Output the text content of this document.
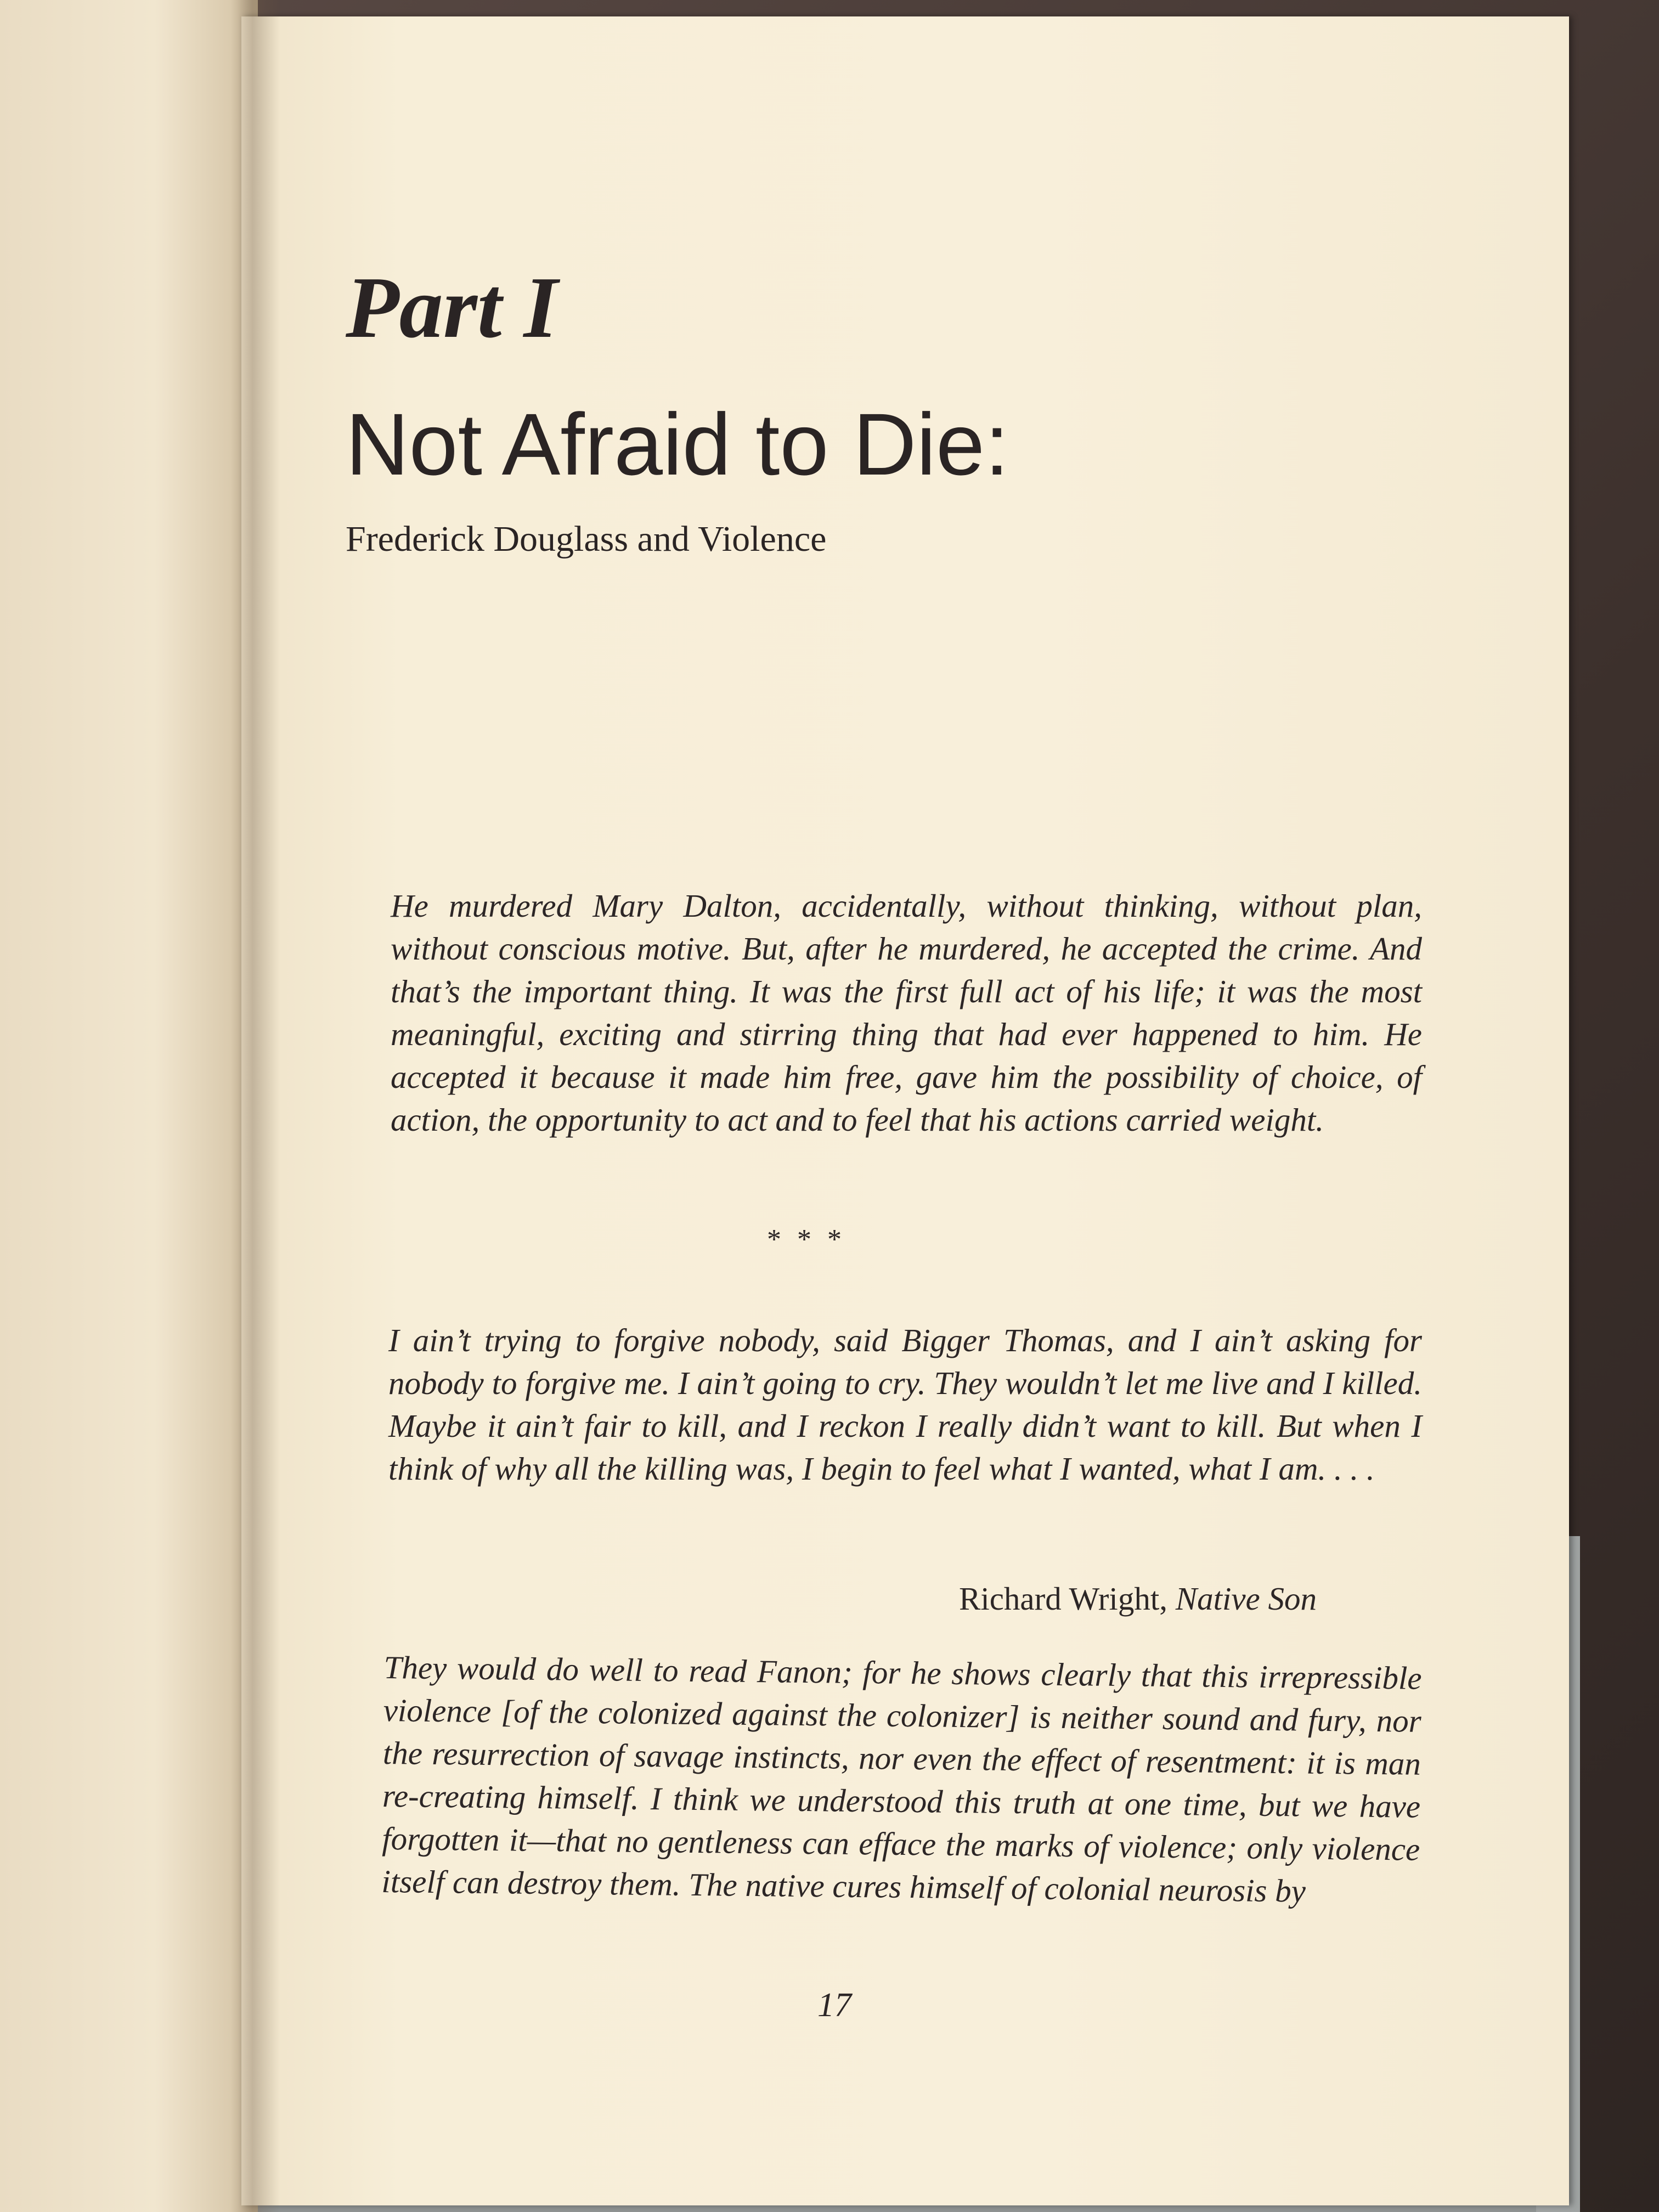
Part I
Not Afraid to Die:

Frederick Douglass and Violence

He murdered Mary Dalton, accidentally, without thinking, without plan, without conscious motive. But, after he murdered, he accepted the crime. And that’s the important thing. It was the first full act of his life; it was the most meaningful, exciting and stirring thing that had ever happened to him. He accepted it because it made him free, gave him the possibility of choice, of action, the opportunity to act and to feel that his actions carried weight.

* * *

I ain’t trying to forgive nobody, said Bigger Thomas, and I ain’t asking for nobody to forgive me. I ain’t going to cry. They wouldn’t let me live and I killed. Maybe it ain’t fair to kill, and I reckon I really didn’t want to kill. But when I think of why all the killing was, I begin to feel what I wanted, what I am. . . .

Richard Wright, Native Son

They would do well to read Fanon; for he shows clearly that this irrepressible violence [of the colonized against the colonizer] is neither sound and fury, nor the resurrection of savage instincts, nor even the effect of resentment: it is man re-creating himself. I think we understood this truth at one time, but we have forgotten it—that no gentleness can efface the marks of violence; only violence itself can destroy them. The native cures himself of colonial neurosis by

17
